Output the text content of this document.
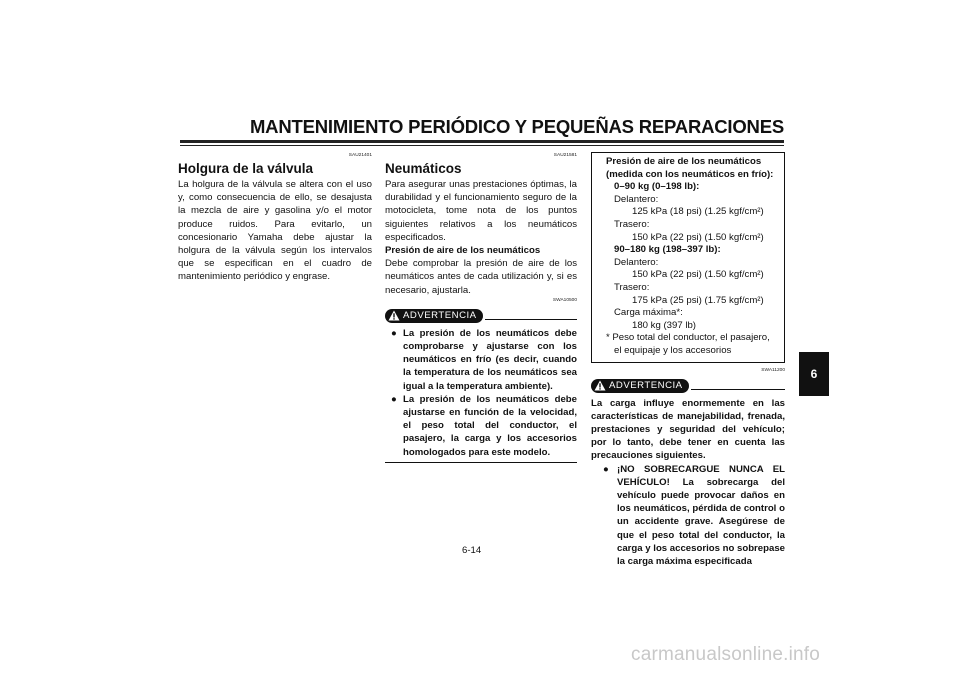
MANTENIMIENTO PERIÓDICO Y PEQUEÑAS REPARACIONES
SAU21401
Holgura de la válvula
La holgura de la válvula se altera con el uso y, como consecuencia de ello, se desajusta la mezcla de aire y gasolina y/o el motor produce ruidos. Para evitarlo, un concesionario Yamaha debe ajustar la holgura de la válvula según los intervalos que se especifican en el cuadro de mantenimiento periódico y engrase.
SAU21581
Neumáticos
Para asegurar unas prestaciones óptimas, la durabilidad y el funcionamiento seguro de la motocicleta, tome nota de los puntos siguientes relativos a los neumáticos especificados.
Presión de aire de los neumáticos
Debe comprobar la presión de aire de los neumáticos antes de cada utilización y, si es necesario, ajustarla.
SWA10500
ADVERTENCIA
● La presión de los neumáticos debe comprobarse y ajustarse con los neumáticos en frío (es decir, cuando la temperatura de los neumáticos sea igual a la temperatura ambiente).
● La presión de los neumáticos debe ajustarse en función de la velocidad, el peso total del conductor, el pasajero, la carga y los accesorios homologados para este modelo.
Presión de aire de los neumáticos
(medida con los neumáticos en frío):
0–90 kg (0–198 lb):
Delantero:
125 kPa (18 psi) (1.25 kgf/cm²)
Trasero:
150 kPa (22 psi) (1.50 kgf/cm²)
90–180 kg (198–397 lb):
Delantero:
150 kPa (22 psi) (1.50 kgf/cm²)
Trasero:
175 kPa (25 psi) (1.75 kgf/cm²)
Carga máxima*:
180 kg (397 lb)
* Peso total del conductor, el pasajero,
el equipaje y los accesorios
SWA11200
ADVERTENCIA
La carga influye enormemente en las características de manejabilidad, frenada, prestaciones y seguridad del vehículo; por lo tanto, debe tener en cuenta las precauciones siguientes.
● ¡NO SOBRECARGUE NUNCA EL VEHÍCULO! La sobrecarga del vehículo puede provocar daños en los neumáticos, pérdida de control o un accidente grave. Asegúrese de que el peso total del conductor, la carga y los accesorios no sobrepase la carga máxima especificada
6
6-14
carmanualsonline.info
